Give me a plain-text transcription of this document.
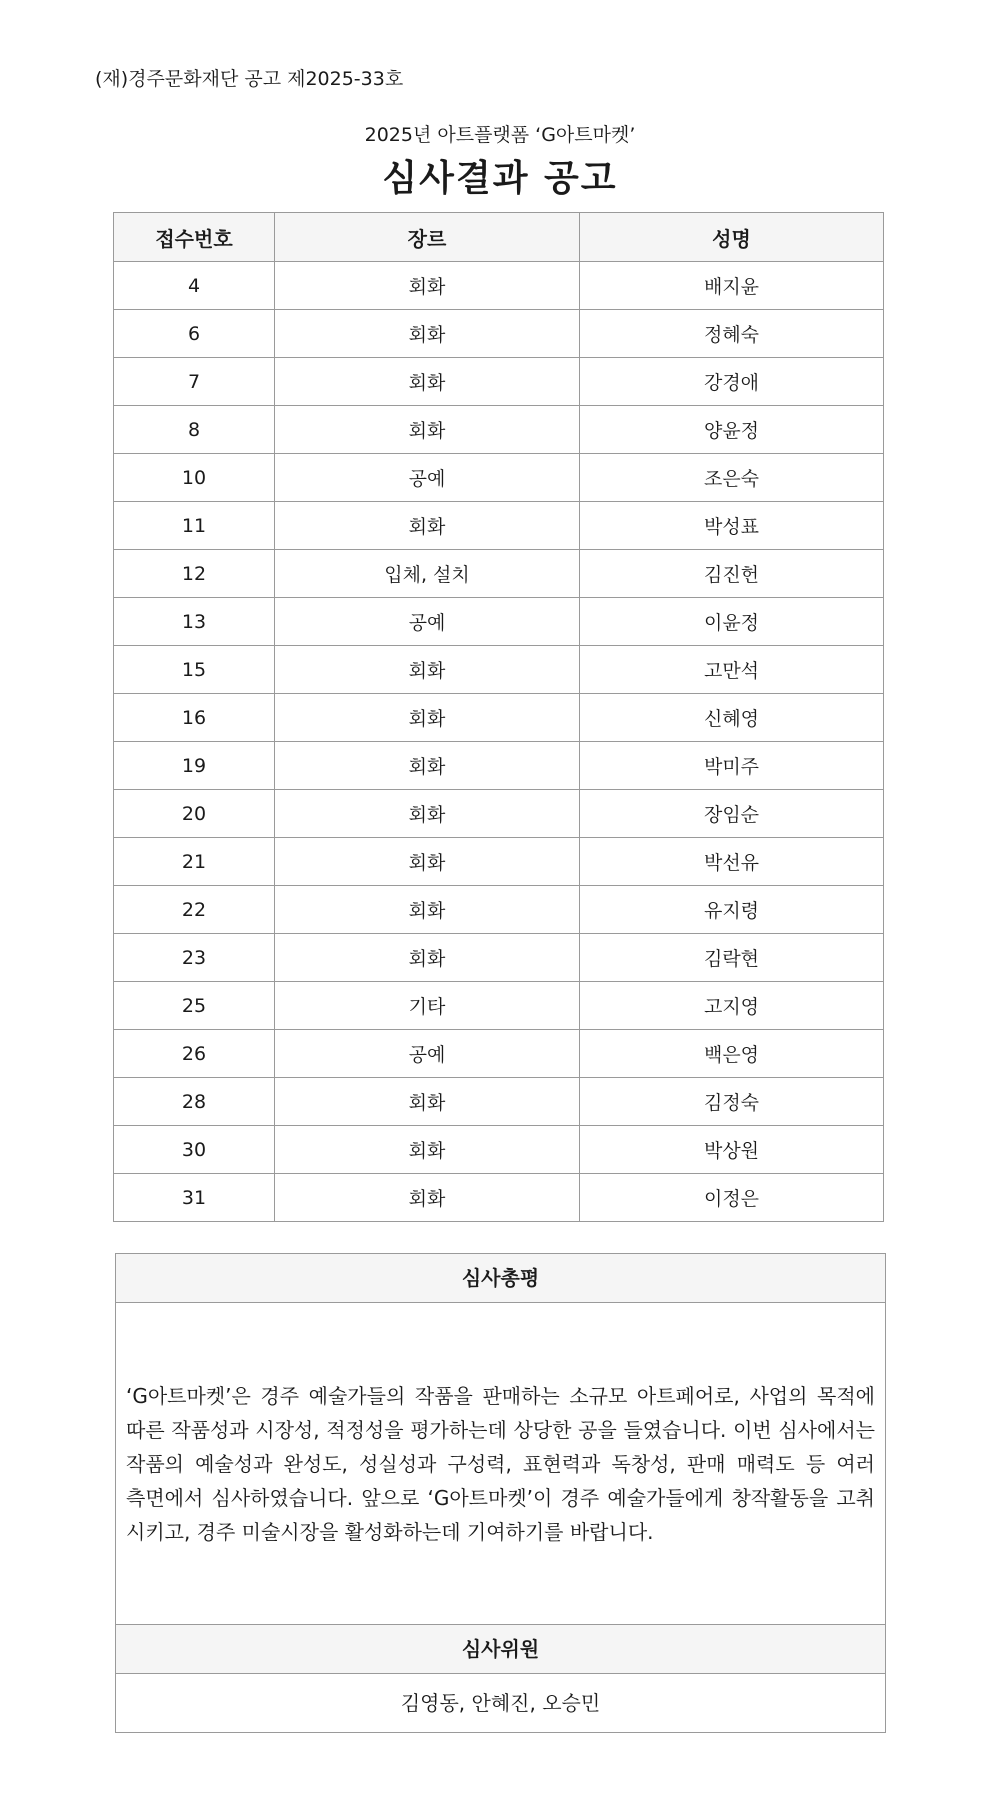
(재)경주문화재단 공고 제2025-33호
2025년 아트플랫폼 ‘G아트마켓’
심사결과 공고
접수번호	장르	성명
4	회화	배지윤
6	회화	정혜숙
7	회화	강경애
8	회화	양윤정
10	공예	조은숙
11	회화	박성표
12	입체, 설치	김진헌
13	공예	이윤정
15	회화	고만석
16	회화	신혜영
19	회화	박미주
20	회화	장임순
21	회화	박선유
22	회화	유지령
23	회화	김락현
25	기타	고지영
26	공예	백은영
28	회화	김정숙
30	회화	박상원
31	회화	이정은
심사총평

‘G아트마켓’은 경주 예술가들의 작품을 판매하는 소규모 아트페어로, 사업의 목적에 따른 작품성과 시장성, 적정성을 평가하는데 상당한 공을 들였습니다. 이번 심사에서는 작품의 예술성과 완성도, 성실성과 구성력, 표현력과 독창성, 판매 매력도 등 여러 측면에서 심사하였습니다. 앞으로 ‘G아트마켓’이 경주 예술가들에게 창작활동을 고취 시키고, 경주 미술시장을 활성화하는데 기여하기를 바랍니다.

심사위원
김영동, 안혜진, 오승민
